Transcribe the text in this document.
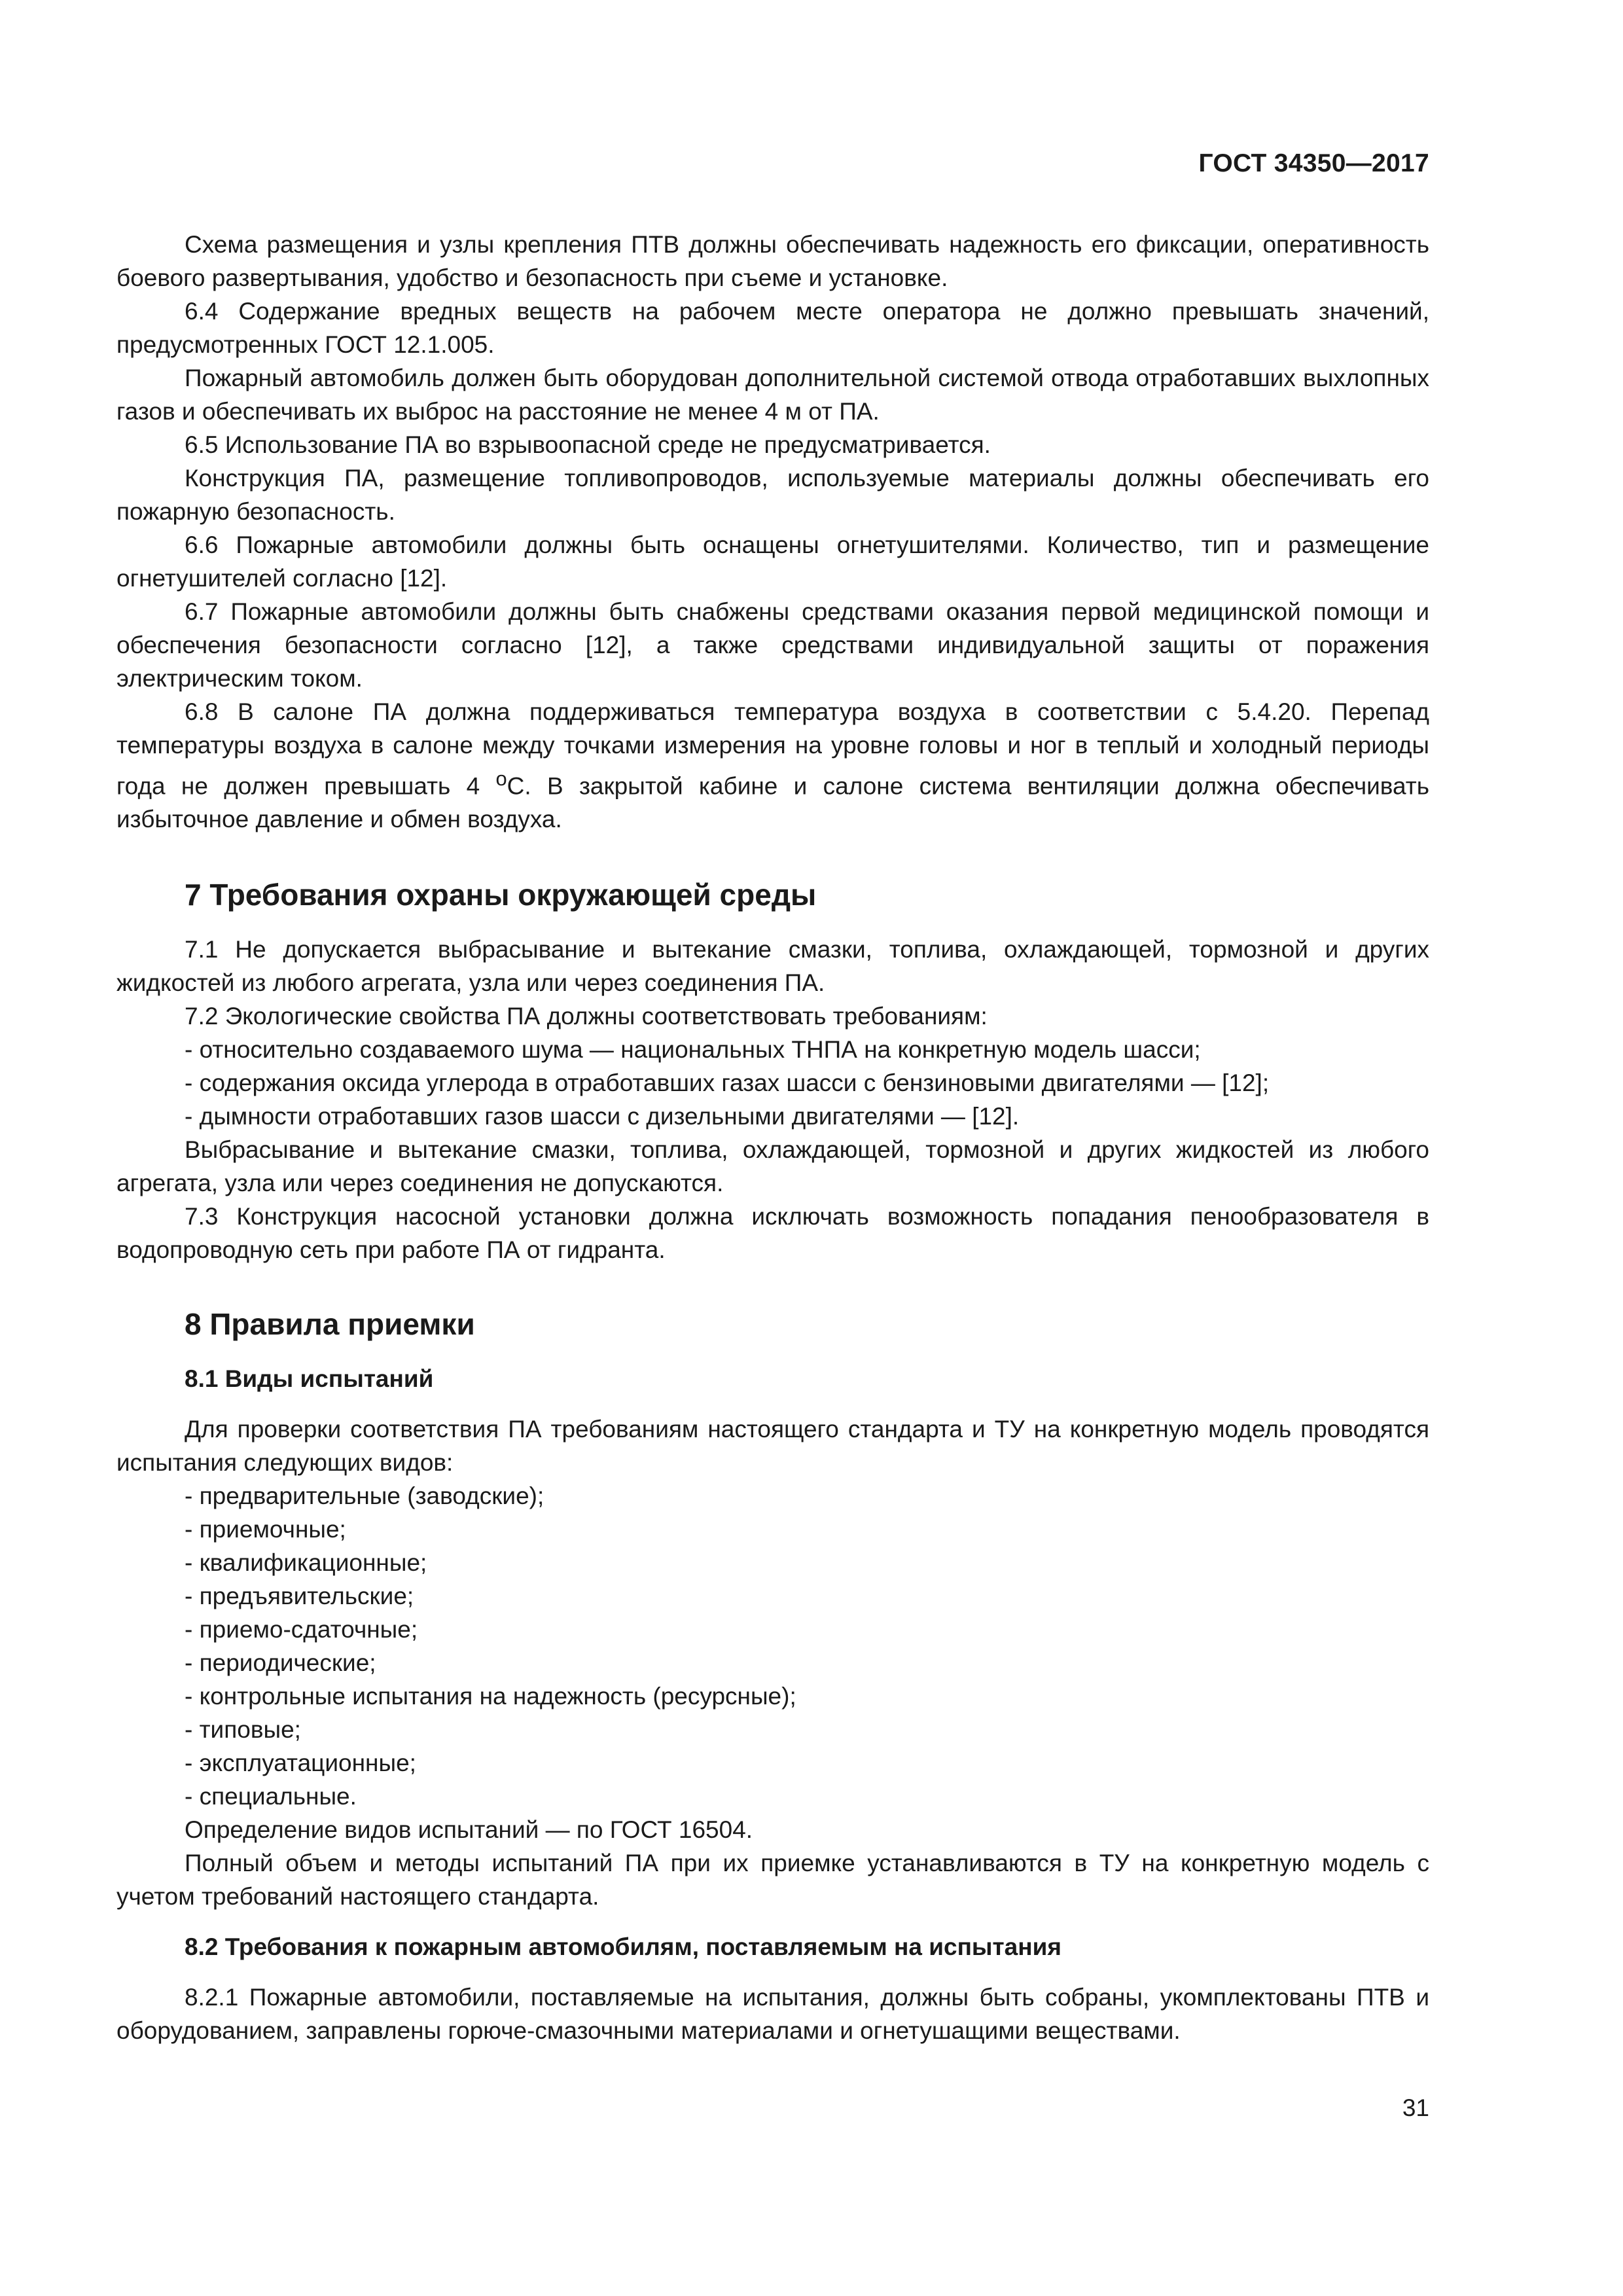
ГОСТ 34350—2017

Схема размещения и узлы крепления ПТВ должны обеспечивать надежность его фиксации, оперативность боевого развертывания, удобство и безопасность при съеме и установке.

6.4 Содержание вредных веществ на рабочем месте оператора не должно превышать значений, предусмотренных ГОСТ 12.1.005.

Пожарный автомобиль должен быть оборудован дополнительной системой отвода отработавших выхлопных газов и обеспечивать их выброс на расстояние не менее 4 м от ПА.

6.5 Использование ПА во взрывоопасной среде не предусматривается.

Конструкция ПА, размещение топливопроводов, используемые материалы должны обеспечивать его пожарную безопасность.

6.6 Пожарные автомобили должны быть оснащены огнетушителями. Количество, тип и размещение огнетушителей согласно [12].

6.7 Пожарные автомобили должны быть снабжены средствами оказания первой медицинской помощи и обеспечения безопасности согласно [12], а также средствами индивидуальной защиты от поражения электрическим током.

6.8 В салоне ПА должна поддерживаться температура воздуха в соответствии с 5.4.20. Перепад температуры воздуха в салоне между точками измерения на уровне головы и ног в теплый и холодный периоды года не должен превышать 4 $^о$С. В закрытой кабине и салоне система вентиляции должна обеспечивать избыточное давление и обмен воздуха.

7 Требования охраны окружающей среды

7.1 Не допускается выбрасывание и вытекание смазки, топлива, охлаждающей, тормозной и других жидкостей из любого агрегата, узла или через соединения ПА.

7.2 Экологические свойства ПА должны соответствовать требованиям:

- относительно создаваемого шума — национальных ТНПА на конкретную модель шасси;
- содержания оксида углерода в отработавших газах шасси с бензиновыми двигателями — [12];
- дымности отработавших газов шасси с дизельными двигателями — [12].

Выбрасывание и вытекание смазки, топлива, охлаждающей, тормозной и других жидкостей из любого агрегата, узла или через соединения не допускаются.

7.3 Конструкция насосной установки должна исключать возможность попадания пенообразователя в водопроводную сеть при работе ПА от гидранта.

8 Правила приемки
8.1 Виды испытаний

Для проверки соответствия ПА требованиям настоящего стандарта и ТУ на конкретную модель проводятся испытания следующих видов:

- предварительные (заводские);
- приемочные;
- квалификационные;
- предъявительские;
- приемо-сдаточные;
- периодические;
- контрольные испытания на надежность (ресурсные);
- типовые;
- эксплуатационные;
- специальные.

Определение видов испытаний — по ГОСТ 16504.

Полный объем и методы испытаний ПА при их приемке устанавливаются в ТУ на конкретную модель с учетом требований настоящего стандарта.

8.2 Требования к пожарным автомобилям, поставляемым на испытания

8.2.1 Пожарные автомобили, поставляемые на испытания, должны быть собраны, укомплектованы ПТВ и оборудованием, заправлены горюче-смазочными материалами и огнетушащими веществами.

31
